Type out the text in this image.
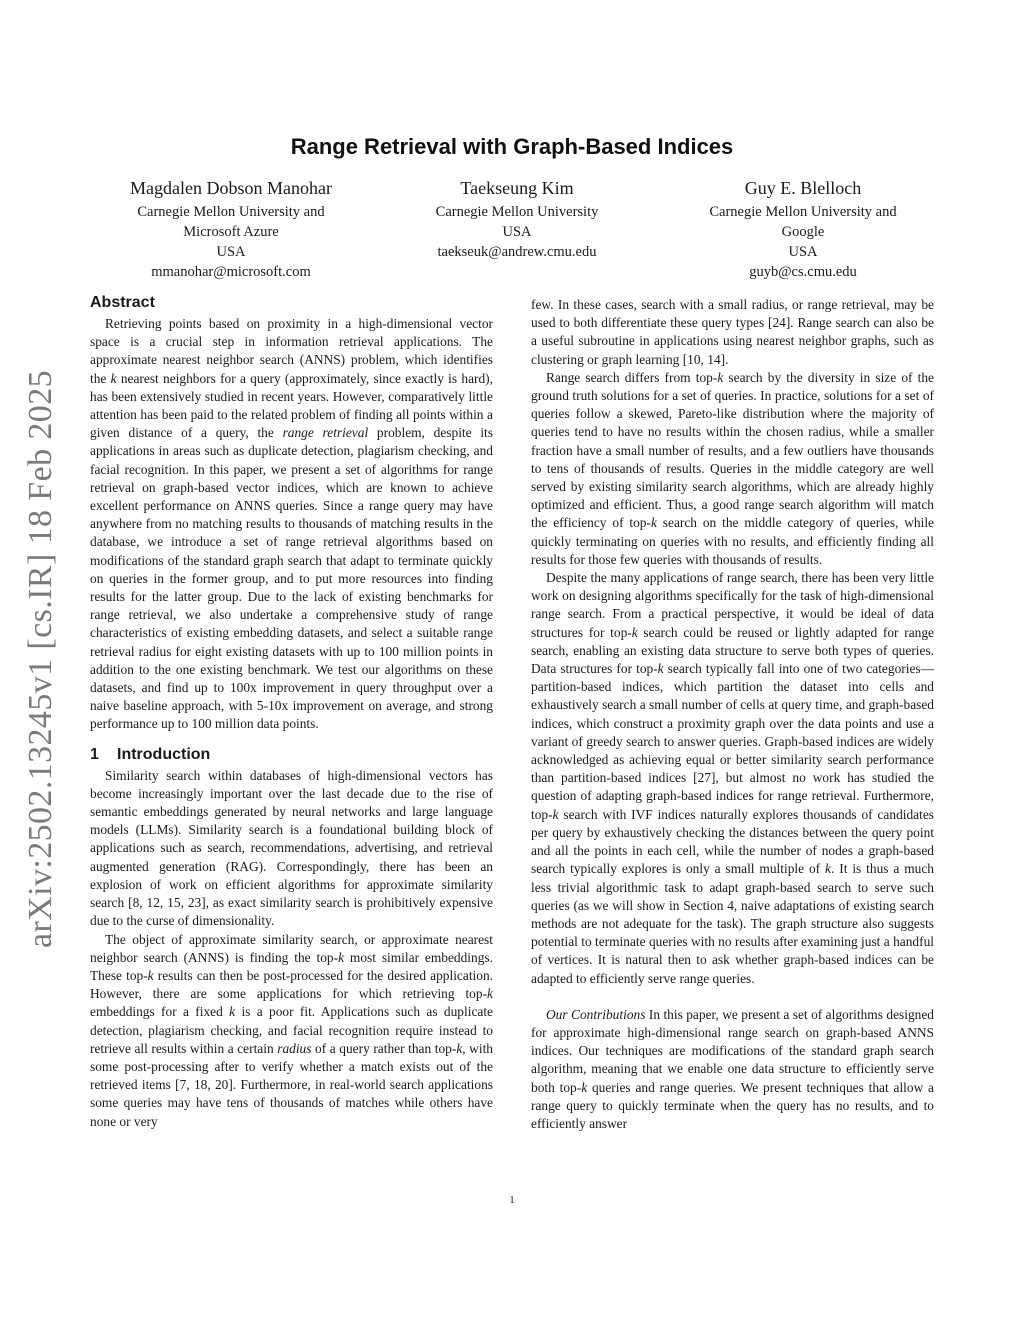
arXiv:2502.13245v1 [cs.IR] 18 Feb 2025
Range Retrieval with Graph-Based Indices
Magdalen Dobson Manohar
Carnegie Mellon University and
Microsoft Azure
USA
mmanohar@microsoft.com
Taekseung Kim
Carnegie Mellon University
USA
taekseuk@andrew.cmu.edu
Guy E. Blelloch
Carnegie Mellon University and
Google
USA
guyb@cs.cmu.edu
Abstract

Retrieving points based on proximity in a high-dimensional vector space is a crucial step in information retrieval applications. The approximate nearest neighbor search (ANNS) problem, which identifies the k nearest neighbors for a query (approximately, since exactly is hard), has been extensively studied in recent years. However, comparatively little attention has been paid to the related problem of finding all points within a given distance of a query, the range retrieval problem, despite its applications in areas such as duplicate detection, plagiarism checking, and facial recognition. In this paper, we present a set of algorithms for range retrieval on graph-based vector indices, which are known to achieve excellent performance on ANNS queries. Since a range query may have anywhere from no matching results to thousands of matching results in the database, we introduce a set of range retrieval algorithms based on modifications of the standard graph search that adapt to terminate quickly on queries in the former group, and to put more resources into finding results for the latter group. Due to the lack of existing benchmarks for range retrieval, we also undertake a comprehensive study of range characteristics of existing embedding datasets, and select a suitable range retrieval radius for eight existing datasets with up to 100 million points in addition to the one existing benchmark. We test our algorithms on these datasets, and find up to 100x improvement in query throughput over a naive baseline approach, with 5-10x improvement on average, and strong performance up to 100 million data points.

1 Introduction

Similarity search within databases of high-dimensional vectors has become increasingly important over the last decade due to the rise of semantic embeddings generated by neural networks and large language models (LLMs). Similarity search is a foundational building block of applications such as search, recommendations, advertising, and retrieval augmented generation (RAG). Correspondingly, there has been an explosion of work on efficient algorithms for approximate similarity search [8, 12, 15, 23], as exact similarity search is prohibitively expensive due to the curse of dimensionality.

The object of approximate similarity search, or approximate nearest neighbor search (ANNS) is finding the top-k most similar embeddings. These top-k results can then be post-processed for the desired application. However, there are some applications for which retrieving top-k embeddings for a fixed k is a poor fit. Applications such as duplicate detection, plagiarism checking, and facial recognition require instead to retrieve all results within a certain radius of a query rather than top-k, with some post-processing after to verify whether a match exists out of the retrieved items [7, 18, 20]. Furthermore, in real-world search applications some queries may have tens of thousands of matches while others have none or very

few. In these cases, search with a small radius, or range retrieval, may be used to both differentiate these query types [24]. Range search can also be a useful subroutine in applications using nearest neighbor graphs, such as clustering or graph learning [10, 14].

Range search differs from top-k search by the diversity in size of the ground truth solutions for a set of queries. In practice, solutions for a set of queries follow a skewed, Pareto-like distribution where the majority of queries tend to have no results within the chosen radius, while a smaller fraction have a small number of results, and a few outliers have thousands to tens of thousands of results. Queries in the middle category are well served by existing similarity search algorithms, which are already highly optimized and efficient. Thus, a good range search algorithm will match the efficiency of top-k search on the middle category of queries, while quickly terminating on queries with no results, and efficiently finding all results for those few queries with thousands of results.

Despite the many applications of range search, there has been very little work on designing algorithms specifically for the task of high-dimensional range search. From a practical perspective, it would be ideal of data structures for top-k search could be reused or lightly adapted for range search, enabling an existing data structure to serve both types of queries. Data structures for top-k search typically fall into one of two categories—partition-based indices, which partition the dataset into cells and exhaustively search a small number of cells at query time, and graph-based indices, which construct a proximity graph over the data points and use a variant of greedy search to answer queries. Graph-based indices are widely acknowledged as achieving equal or better similarity search performance than partition-based indices [27], but almost no work has studied the question of adapting graph-based indices for range retrieval. Furthermore, top-k search with IVF indices naturally explores thousands of candidates per query by exhaustively checking the distances between the query point and all the points in each cell, while the number of nodes a graph-based search typically explores is only a small multiple of k. It is thus a much less trivial algorithmic task to adapt graph-based search to serve such queries (as we will show in Section 4, naive adaptations of existing search methods are not adequate for the task). The graph structure also suggests potential to terminate queries with no results after examining just a handful of vertices. It is natural then to ask whether graph-based indices can be adapted to efficiently serve range queries.

Our Contributions In this paper, we present a set of algorithms designed for approximate high-dimensional range search on graph-based ANNS indices. Our techniques are modifications of the standard graph search algorithm, meaning that we enable one data structure to efficiently serve both top-k queries and range queries. We present techniques that allow a range query to quickly terminate when the query has no results, and to efficiently answer

1
